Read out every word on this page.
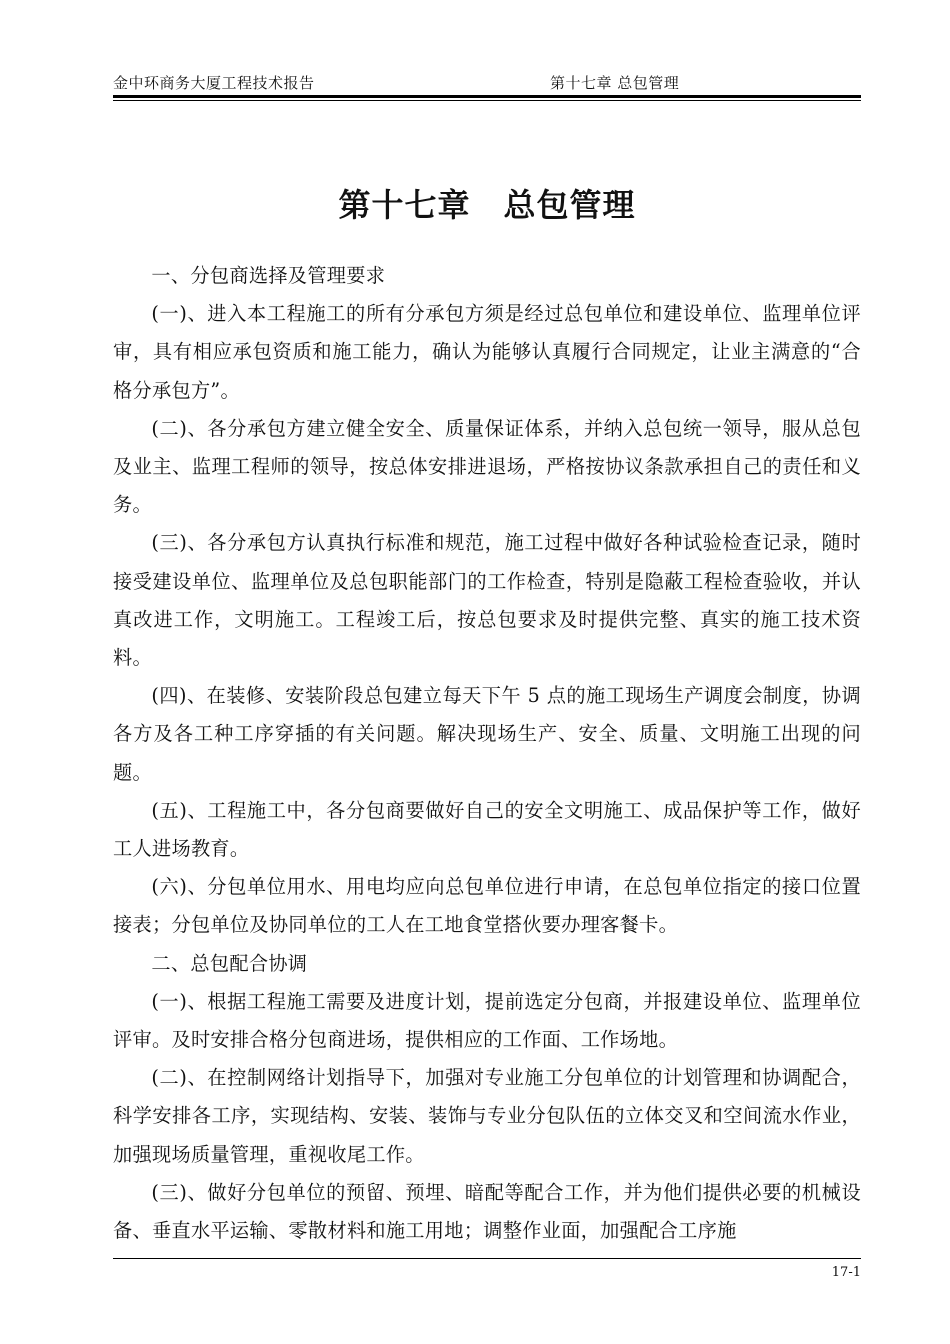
金中环商务大厦工程技术报告	第十七章 总包管理
第十七章　总包管理

一、分包商选择及管理要求

(一)、进入本工程施工的所有分承包方须是经过总包单位和建设单位、监理单位评审，具有相应承包资质和施工能力，确认为能够认真履行合同规定，让业主满意的“合格分承包方”。

(二)、各分承包方建立健全安全、质量保证体系，并纳入总包统一领导，服从总包及业主、监理工程师的领导，按总体安排进退场，严格按协议条款承担自己的责任和义务。

(三)、各分承包方认真执行标准和规范，施工过程中做好各种试验检查记录，随时接受建设单位、监理单位及总包职能部门的工作检查，特别是隐蔽工程检查验收，并认真改进工作，文明施工。工程竣工后，按总包要求及时提供完整、真实的施工技术资料。

(四)、在装修、安装阶段总包建立每天下午 5 点的施工现场生产调度会制度，协调各方及各工种工序穿插的有关问题。解决现场生产、安全、质量、文明施工出现的问题。

(五)、工程施工中，各分包商要做好自己的安全文明施工、成品保护等工作，做好工人进场教育。

(六)、分包单位用水、用电均应向总包单位进行申请，在总包单位指定的接口位置接表；分包单位及协同单位的工人在工地食堂搭伙要办理客餐卡。

二、总包配合协调

(一)、根据工程施工需要及进度计划，提前选定分包商，并报建设单位、监理单位评审。及时安排合格分包商进场，提供相应的工作面、工作场地。

(二)、在控制网络计划指导下，加强对专业施工分包单位的计划管理和协调配合，科学安排各工序，实现结构、安装、装饰与专业分包队伍的立体交叉和空间流水作业，加强现场质量管理，重视收尾工作。

(三)、做好分包单位的预留、预埋、暗配等配合工作，并为他们提供必要的机械设备、垂直水平运输、零散材料和施工用地；调整作业面，加强配合工序施

17-1
